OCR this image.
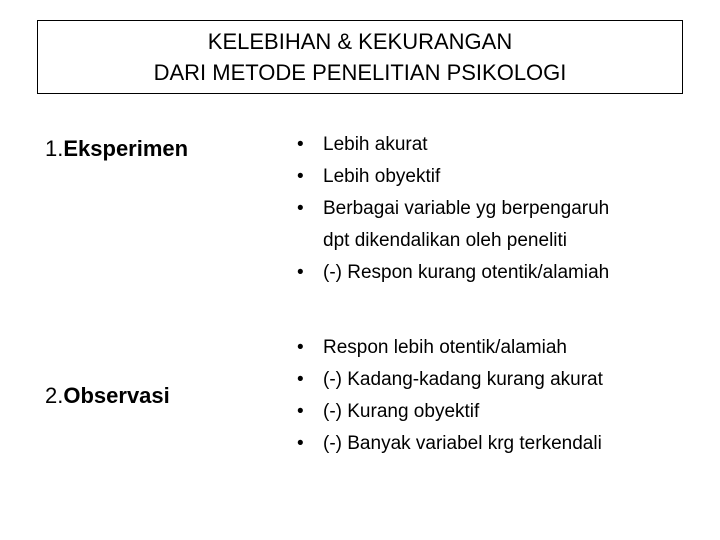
KELEBIHAN & KEKURANGAN
DARI METODE PENELITIAN PSIKOLOGI
1.Eksperimen
•	Lebih akurat
• Lebih obyektif
• Berbagai variable yg berpengaruh
dpt dikendalikan oleh peneliti
• (-) Respon kurang otentik/alamiah
2.Observasi
• Respon lebih otentik/alamiah
• (-) Kadang-kadang kurang akurat
• (-) Kurang obyektif
• (-) Banyak variabel krg terkendali
